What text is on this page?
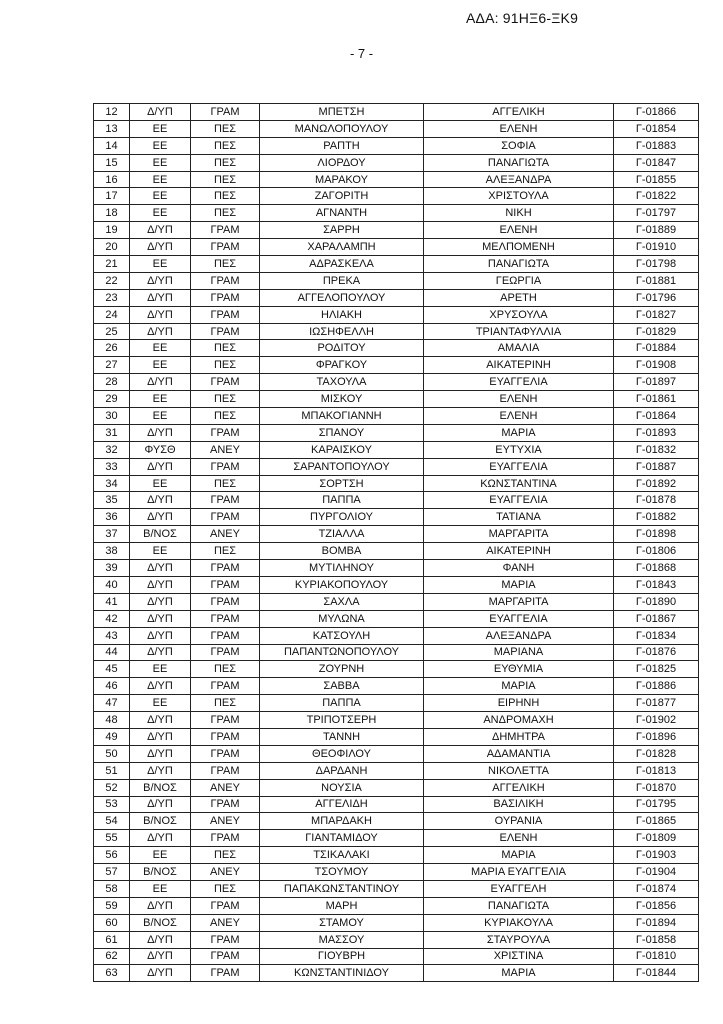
ΑΔΑ: 91ΗΞ6-ΞΚ9
- 7 -
12	Δ/ΥΠ	ΓΡΑΜ	ΜΠΕΤΣΗ	ΑΓΓΕΛΙΚΗ	Γ-01866
13	ΕΕ	ΠΕΣ	ΜΑΝΩΛΟΠΟΥΛΟΥ	ΕΛΕΝΗ	Γ-01854
14	ΕΕ	ΠΕΣ	ΡΑΠΤΗ	ΣΟΦΙΑ	Γ-01883
15	ΕΕ	ΠΕΣ	ΛΙΟΡΔΟΥ	ΠΑΝΑΓΙΩΤΑ	Γ-01847
16	ΕΕ	ΠΕΣ	ΜΑΡΑΚΟΥ	ΑΛΕΞΑΝΔΡΑ	Γ-01855
17	ΕΕ	ΠΕΣ	ΖΑΓΟΡΙΤΗ	ΧΡΙΣΤΟΥΛΑ	Γ-01822
18	ΕΕ	ΠΕΣ	ΑΓΝΑΝΤΗ	ΝΙΚΗ	Γ-01797
19	Δ/ΥΠ	ΓΡΑΜ	ΣΑΡΡΗ	ΕΛΕΝΗ	Γ-01889
20	Δ/ΥΠ	ΓΡΑΜ	ΧΑΡΑΛΑΜΠΗ	ΜΕΛΠΟΜΕΝΗ	Γ-01910
21	ΕΕ	ΠΕΣ	ΑΔΡΑΣΚΕΛΑ	ΠΑΝΑΓΙΩΤΑ	Γ-01798
22	Δ/ΥΠ	ΓΡΑΜ	ΠΡΕΚΑ	ΓΕΩΡΓΙΑ	Γ-01881
23	Δ/ΥΠ	ΓΡΑΜ	ΑΓΓΕΛΟΠΟΥΛΟΥ	ΑΡΕΤΗ	Γ-01796
24	Δ/ΥΠ	ΓΡΑΜ	ΗΛΙΑΚΗ	ΧΡΥΣΟΥΛΑ	Γ-01827
25	Δ/ΥΠ	ΓΡΑΜ	ΙΩΣΗΦΕΛΛΗ	ΤΡΙΑΝΤΑΦΥΛΛΙΑ	Γ-01829
26	ΕΕ	ΠΕΣ	ΡΟΔΙΤΟΥ	ΑΜΑΛΙΑ	Γ-01884
27	ΕΕ	ΠΕΣ	ΦΡΑΓΚΟΥ	ΑΙΚΑΤΕΡΙΝΗ	Γ-01908
28	Δ/ΥΠ	ΓΡΑΜ	ΤΑΧΟΥΛΑ	ΕΥΑΓΓΕΛΙΑ	Γ-01897
29	ΕΕ	ΠΕΣ	ΜΙΣΚΟΥ	ΕΛΕΝΗ	Γ-01861
30	ΕΕ	ΠΕΣ	ΜΠΑΚΟΓΙΑΝΝΗ	ΕΛΕΝΗ	Γ-01864
31	Δ/ΥΠ	ΓΡΑΜ	ΣΠΑΝΟΥ	ΜΑΡΙΑ	Γ-01893
32	ΦΥΣΘ	ΑΝΕΥ	ΚΑΡΑΙΣΚΟΥ	ΕΥΤΥΧΙΑ	Γ-01832
33	Δ/ΥΠ	ΓΡΑΜ	ΣΑΡΑΝΤΟΠΟΥΛΟΥ	ΕΥΑΓΓΕΛΙΑ	Γ-01887
34	ΕΕ	ΠΕΣ	ΣΟΡΤΣΗ	ΚΩΝΣΤΑΝΤΙΝΑ	Γ-01892
35	Δ/ΥΠ	ΓΡΑΜ	ΠΑΠΠΑ	ΕΥΑΓΓΕΛΙΑ	Γ-01878
36	Δ/ΥΠ	ΓΡΑΜ	ΠΥΡΓΟΛΙΟΥ	ΤΑΤΙΑΝΑ	Γ-01882
37	Β/ΝΟΣ	ΑΝΕΥ	ΤΖΙΑΛΛΑ	ΜΑΡΓΑΡΙΤΑ	Γ-01898
38	ΕΕ	ΠΕΣ	ΒΟΜΒΑ	ΑΙΚΑΤΕΡΙΝΗ	Γ-01806
39	Δ/ΥΠ	ΓΡΑΜ	ΜΥΤΙΛΗΝΟΥ	ΦΑΝΗ	Γ-01868
40	Δ/ΥΠ	ΓΡΑΜ	ΚΥΡΙΑΚΟΠΟΥΛΟΥ	ΜΑΡΙΑ	Γ-01843
41	Δ/ΥΠ	ΓΡΑΜ	ΣΑΧΛΑ	ΜΑΡΓΑΡΙΤΑ	Γ-01890
42	Δ/ΥΠ	ΓΡΑΜ	ΜΥΛΩΝΑ	ΕΥΑΓΓΕΛΙΑ	Γ-01867
43	Δ/ΥΠ	ΓΡΑΜ	ΚΑΤΣΟΥΛΗ	ΑΛΕΞΑΝΔΡΑ	Γ-01834
44	Δ/ΥΠ	ΓΡΑΜ	ΠΑΠΑΝΤΩΝΟΠΟΥΛΟΥ	ΜΑΡΙΑΝΑ	Γ-01876
45	ΕΕ	ΠΕΣ	ΖΟΥΡΝΗ	ΕΥΘΥΜΙΑ	Γ-01825
46	Δ/ΥΠ	ΓΡΑΜ	ΣΑΒΒΑ	ΜΑΡΙΑ	Γ-01886
47	ΕΕ	ΠΕΣ	ΠΑΠΠΑ	ΕΙΡΗΝΗ	Γ-01877
48	Δ/ΥΠ	ΓΡΑΜ	ΤΡΙΠΟΤΣΕΡΗ	ΑΝΔΡΟΜΑΧΗ	Γ-01902
49	Δ/ΥΠ	ΓΡΑΜ	ΤΑΝΝΗ	ΔΗΜΗΤΡΑ	Γ-01896
50	Δ/ΥΠ	ΓΡΑΜ	ΘΕΟΦΙΛΟΥ	ΑΔΑΜΑΝΤΙΑ	Γ-01828
51	Δ/ΥΠ	ΓΡΑΜ	ΔΑΡΔΑΝΗ	ΝΙΚΟΛΕΤΤΑ	Γ-01813
52	Β/ΝΟΣ	ΑΝΕΥ	ΝΟΥΣΙΑ	ΑΓΓΕΛΙΚΗ	Γ-01870
53	Δ/ΥΠ	ΓΡΑΜ	ΑΓΓΕΛΙΔΗ	ΒΑΣΙΛΙΚΗ	Γ-01795
54	Β/ΝΟΣ	ΑΝΕΥ	ΜΠΑΡΔΑΚΗ	ΟΥΡΑΝΙΑ	Γ-01865
55	Δ/ΥΠ	ΓΡΑΜ	ΓΙΑΝΤΑΜΙΔΟΥ	ΕΛΕΝΗ	Γ-01809
56	ΕΕ	ΠΕΣ	ΤΣΙΚΑΛΑΚΙ	ΜΑΡΙΑ	Γ-01903
57	Β/ΝΟΣ	ΑΝΕΥ	ΤΣΟΥΜΟΥ	ΜΑΡΙΑ ΕΥΑΓΓΕΛΙΑ	Γ-01904
58	ΕΕ	ΠΕΣ	ΠΑΠΑΚΩΝΣΤΑΝΤΙΝΟΥ	ΕΥΑΓΓΕΛΗ	Γ-01874
59	Δ/ΥΠ	ΓΡΑΜ	ΜΑΡΗ	ΠΑΝΑΓΙΩΤΑ	Γ-01856
60	Β/ΝΟΣ	ΑΝΕΥ	ΣΤΑΜΟΥ	ΚΥΡΙΑΚΟΥΛΑ	Γ-01894
61	Δ/ΥΠ	ΓΡΑΜ	ΜΑΣΣΟΥ	ΣΤΑΥΡΟΥΛΑ	Γ-01858
62	Δ/ΥΠ	ΓΡΑΜ	ΓΙΟΥΒΡΗ	ΧΡΙΣΤΙΝΑ	Γ-01810
63	Δ/ΥΠ	ΓΡΑΜ	ΚΩΝΣΤΑΝΤΙΝΙΔΟΥ	ΜΑΡΙΑ	Γ-01844
